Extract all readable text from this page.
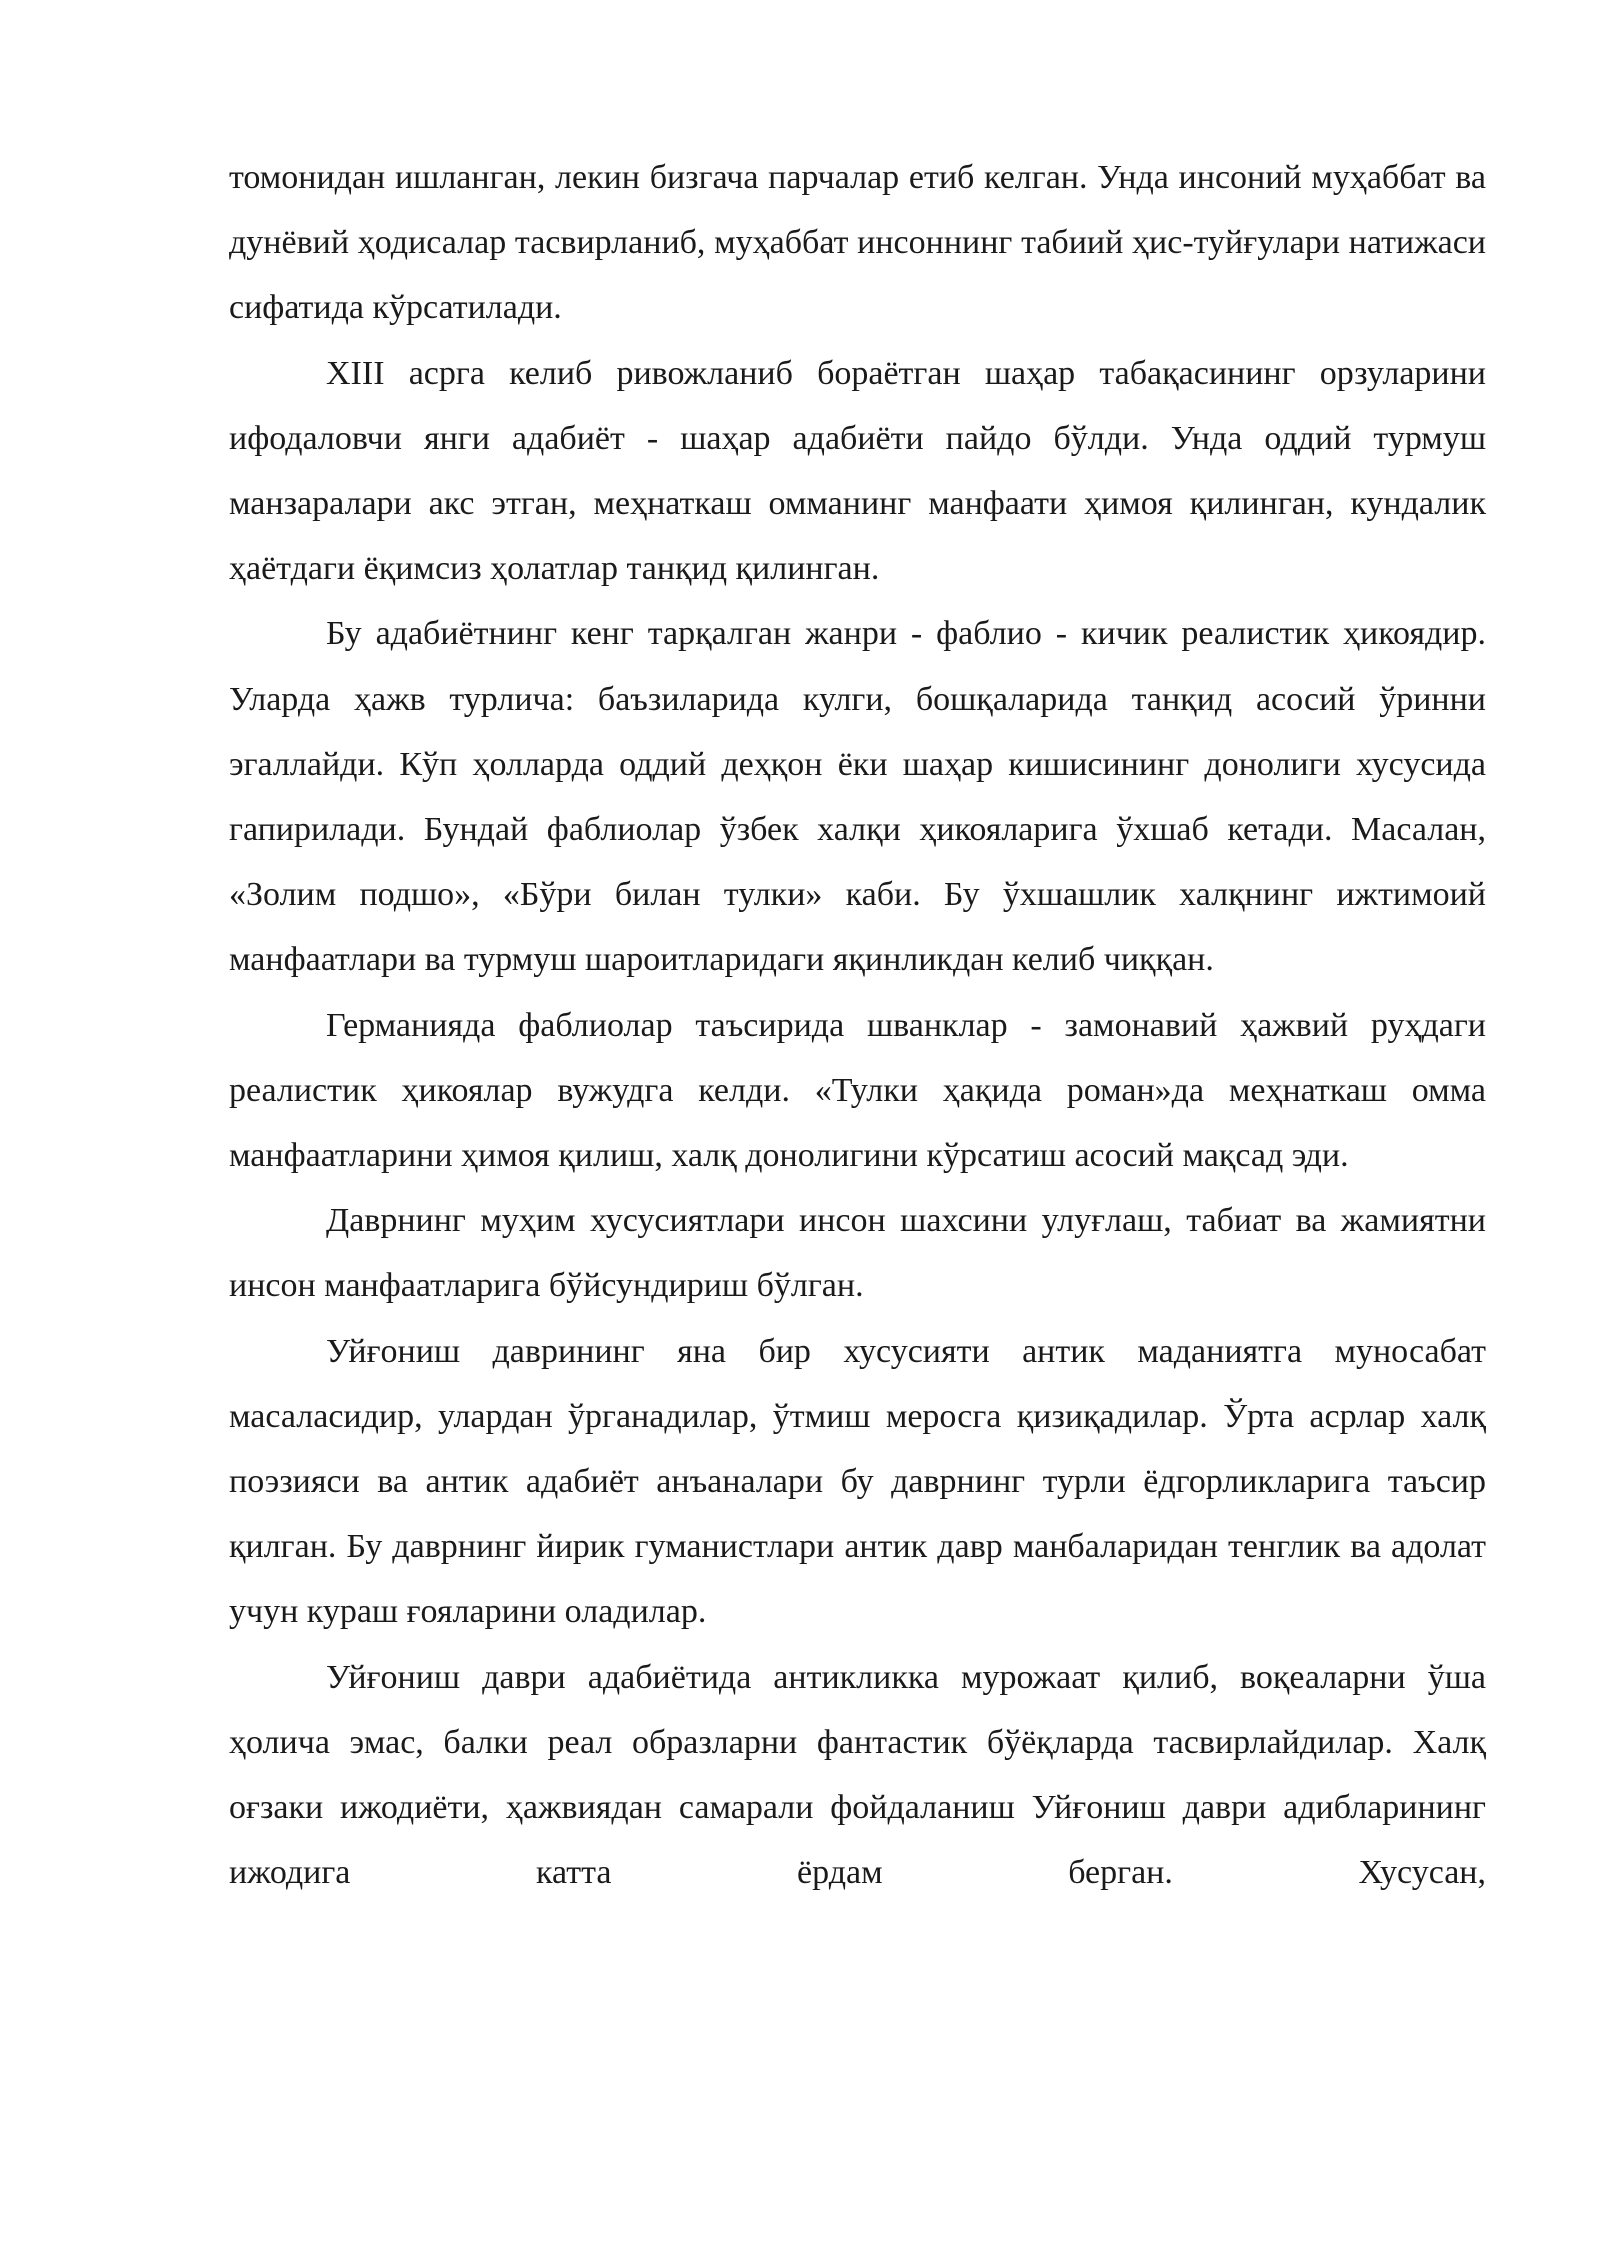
томонидан ишланган, лекин бизгача парчалар етиб келган. Унда инсоний муҳаббат ва дунёвий ҳодисалар тасвирланиб, муҳаббат инсоннинг табиий ҳис-туйғулари натижаси сифатида кўрсатилади.

XIII асрга келиб ривожланиб бораётган шаҳар табақасининг орзуларини ифодаловчи янги адабиёт - шаҳар адабиёти пайдо бўлди. Унда оддий турмуш манзаралари акс этган, меҳнаткаш омманинг манфаати ҳимоя қилинган, кундалик ҳаётдаги ёқимсиз ҳолатлар танқид қилинган.

Бу адабиётнинг кенг тарқалган жанри - фаблио - кичик реалистик ҳикоядир. Уларда ҳажв турлича: баъзиларида кулги, бошқаларида танқид асосий ўринни эгаллайди. Кўп ҳолларда оддий деҳқон ёки шаҳар кишисининг донолиги хусусида гапирилади. Бундай фаблиолар ўзбек халқи ҳикояларига ўхшаб кетади. Масалан, «Золим подшо», «Бўри билан тулки» каби. Бу ўхшашлик халқнинг ижтимоий манфаатлари ва турмуш шароитларидаги яқинликдан келиб чиққан.

Германияда фаблиолар таъсирида шванклар - замонавий ҳажвий руҳдаги реалистик ҳикоялар вужудга келди. «Тулки ҳақида роман»да меҳнаткаш омма манфаатларини ҳимоя қилиш, халқ донолигини кўрсатиш асосий мақсад эди.

Даврнинг муҳим хусусиятлари инсон шахсини улуғлаш, табиат ва жамиятни инсон манфаатларига бўйсундириш бўлган.

Уйғониш даврининг яна бир хусусияти антик маданиятга муносабат масаласидир, улардан ўрганадилар, ўтмиш меросга қизиқадилар. Ўрта асрлар халқ поэзияси ва антик адабиёт анъаналари бу даврнинг турли ёдгорликларига таъсир қилган. Бу даврнинг йирик гуманистлари антик давр манбаларидан тенглик ва адолат учун кураш ғояларини оладилар.

Уйғониш даври адабиётида антикликка мурожаат қилиб, воқеаларни ўша ҳолича эмас, балки реал образларни фантастик бўёқларда тасвирлайдилар. Халқ оғзаки ижодиёти, ҳажвиядан самарали фойдаланиш Уйғониш даври адибларининг ижодига катта ёрдам берган. Хусусан,
